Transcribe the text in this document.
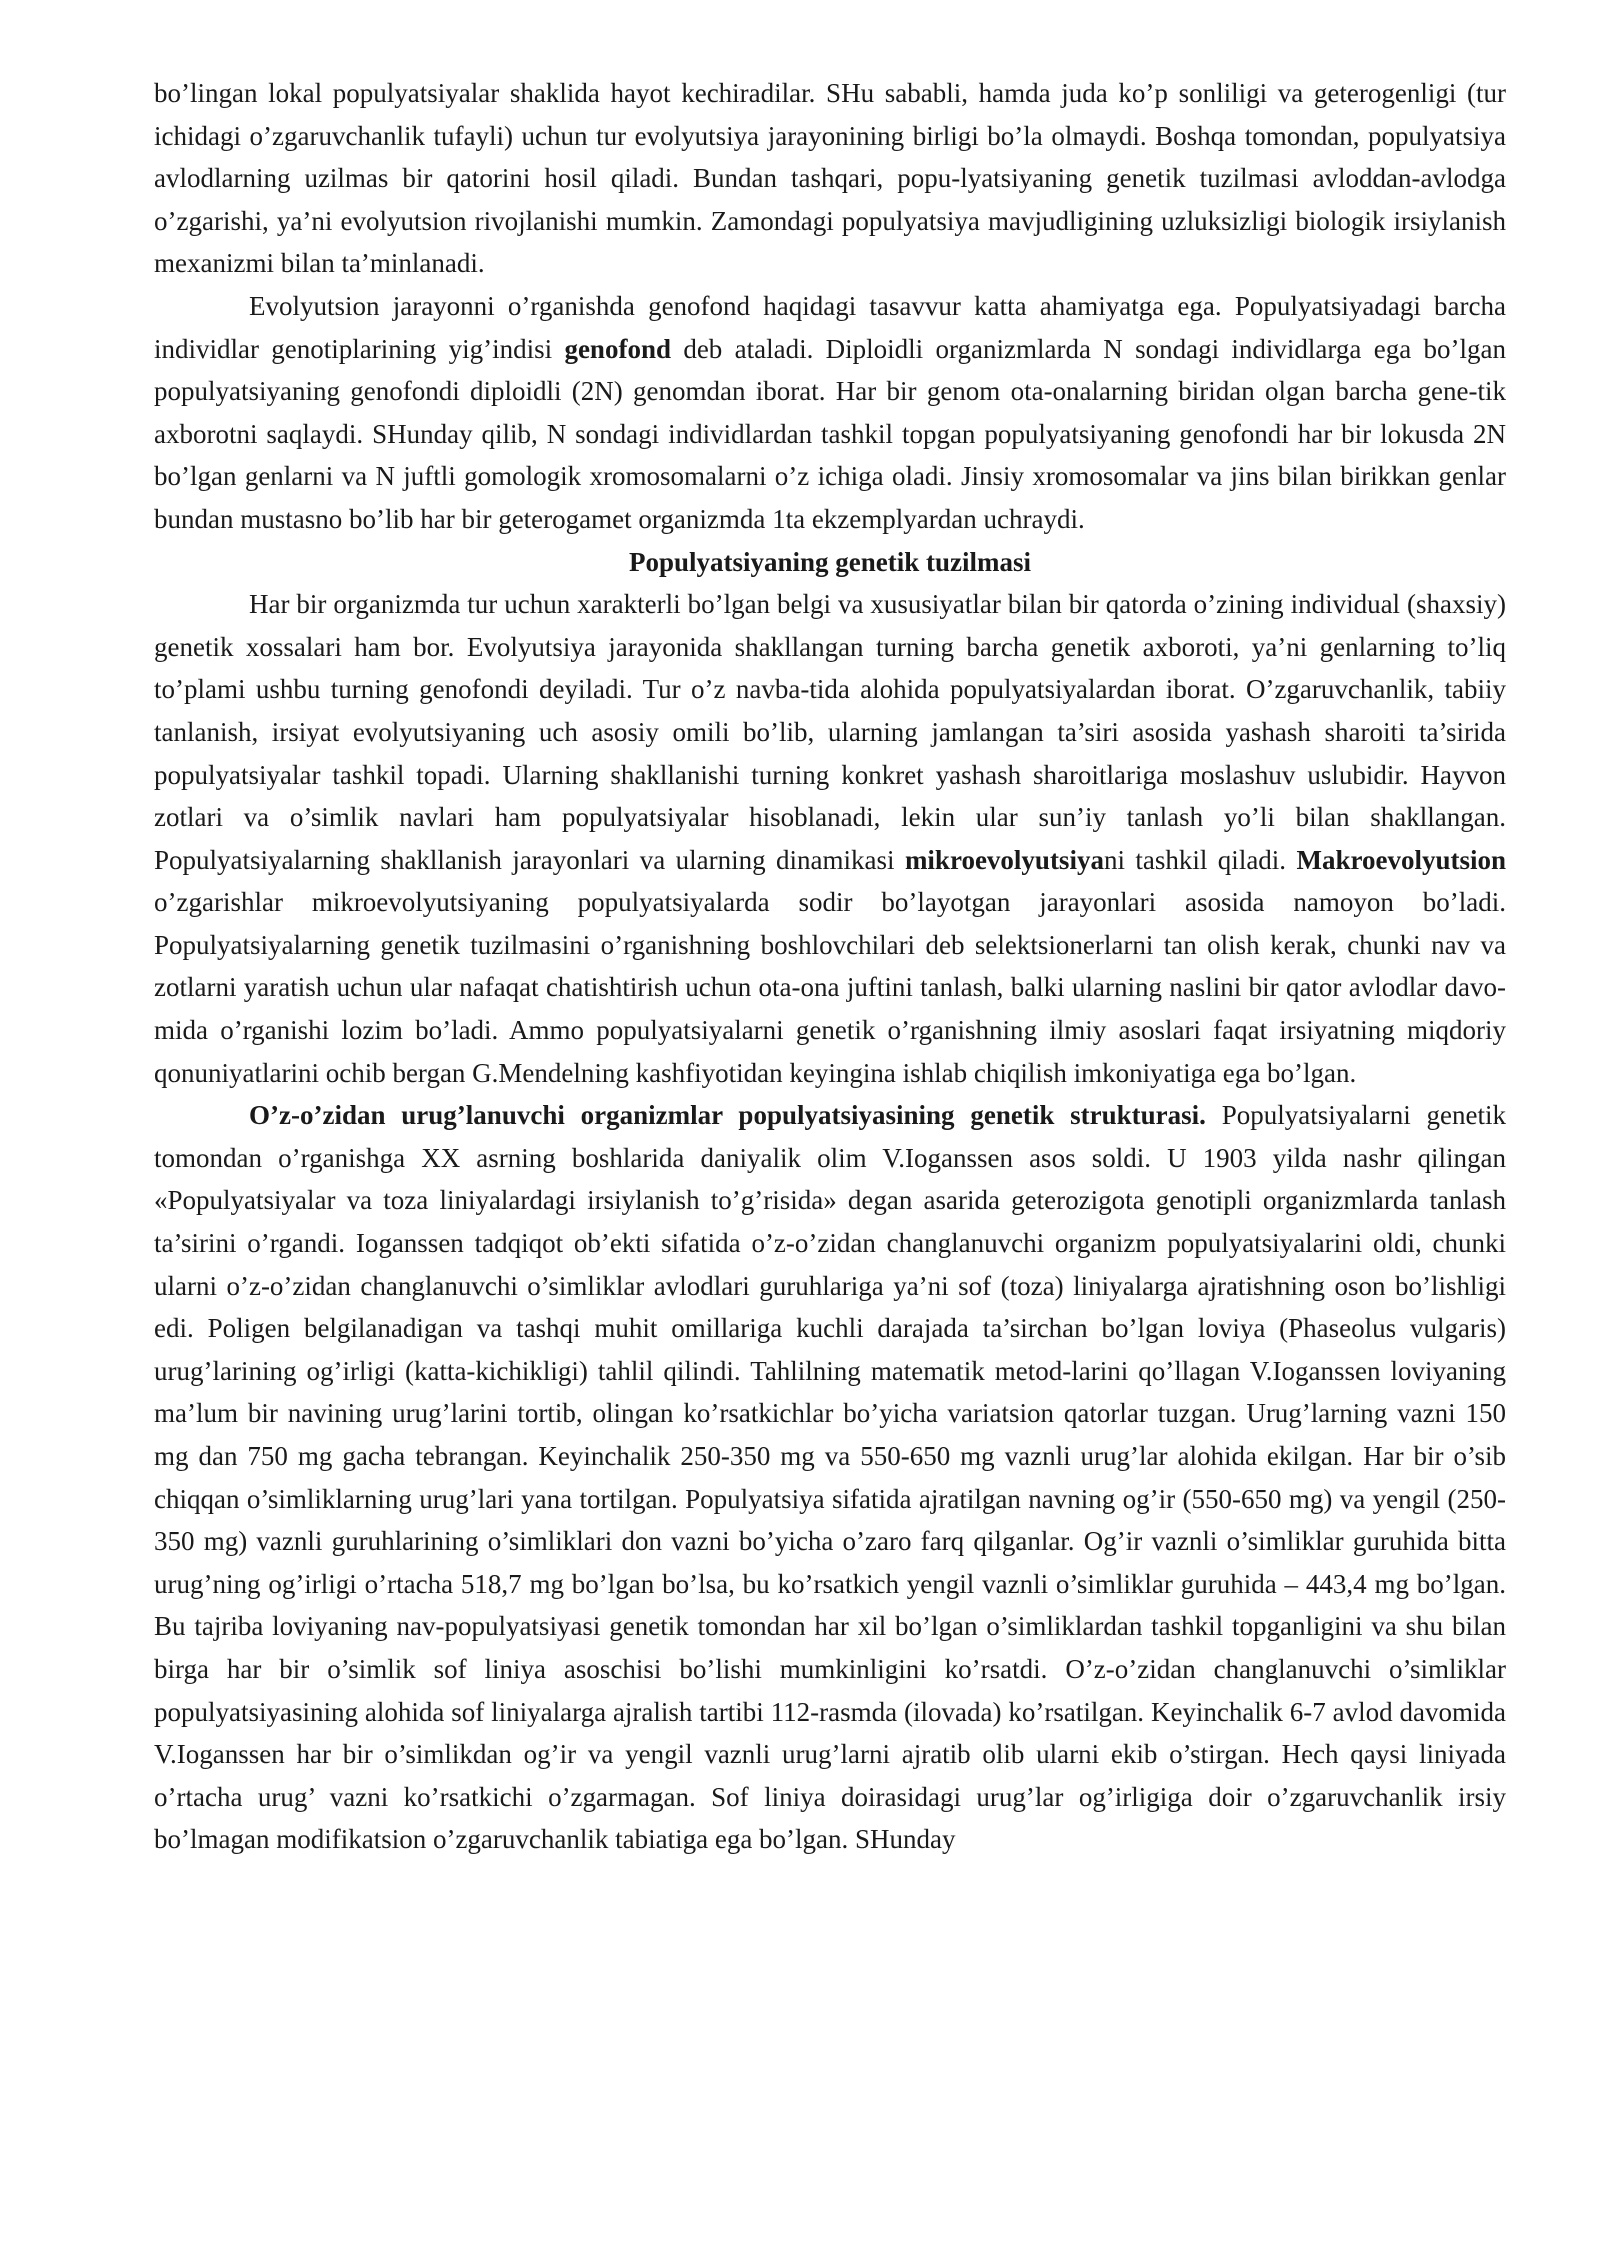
bo’lingan lokal populyatsiyalar shaklida hayot kechiradilar. SHu sababli, hamda juda ko’p sonliligi va geterogenligi (tur ichidagi o’zgaruvchanlik tufayli) uchun tur evolyutsiya jarayonining birligi bo’la olmaydi. Boshqa tomondan, populyatsiya avlodlarning uzilmas bir qatorini hosil qiladi. Bundan tashqari, popu-lyatsiyaning genetik tuzilmasi avloddan-avlodga o’zgarishi, ya’ni evolyutsion rivojlanishi mumkin. Zamondagi populyatsiya mavjudligining uzluksizligi biologik irsiylanish mexanizmi bilan ta’minlanadi.

Evolyutsion jarayonni o’rganishda genofond haqidagi tasavvur katta ahamiyatga ega. Populyatsiyadagi barcha individlar genotiplarining yig’indisi genofond deb ataladi. Diploidli organizmlarda N sondagi individlarga ega bo’lgan populyatsiyaning genofondi diploidli (2N) genomdan iborat. Har bir genom ota-onalarning biridan olgan barcha gene-tik axborotni saqlaydi. SHunday qilib, N sondagi individlardan tashkil topgan populyatsiyaning genofondi har bir lokusda 2N bo’lgan genlarni va N juftli gomologik xromosomalarni o’z ichiga oladi. Jinsiy xromosomalar va jins bilan birikkan genlar bundan mustasno bo’lib har bir geterogamet organizmda 1ta ekzemplyardan uchraydi.

Populyatsiyaning genetik tuzilmasi

Har bir organizmda tur uchun xarakterli bo’lgan belgi va xususiyatlar bilan bir qatorda o’zining individual (shaxsiy) genetik xossalari ham bor. Evolyutsiya jarayonida shakllangan turning barcha genetik axboroti, ya’ni genlarning to’liq to’plami ushbu turning genofondi deyiladi. Tur o’z navba-tida alohida populyatsiyalardan iborat. O’zgaruvchanlik, tabiiy tanlanish, irsiyat evolyutsiyaning uch asosiy omili bo’lib, ularning jamlangan ta’siri asosida yashash sharoiti ta’sirida populyatsiyalar tashkil topadi. Ularning shakllanishi turning konkret yashash sharoitlariga moslashuv uslubidir. Hayvon zotlari va o’simlik navlari ham populyatsiyalar hisoblanadi, lekin ular sun’iy tanlash yo’li bilan shakllangan. Populyatsiyalarning shakllanish jarayonlari va ularning dinamikasi mikroevolyutsiyani tashkil qiladi. Makroevolyutsion o’zgarishlar mikroevolyutsiyaning populyatsiyalarda sodir bo’layotgan jarayonlari asosida namoyon bo’ladi. Populyatsiyalarning genetik tuzilmasini o’rganishning boshlovchilari deb selektsionerlarni tan olish kerak, chunki nav va zotlarni yaratish uchun ular nafaqat chatishtirish uchun ota-ona juftini tanlash, balki ularning naslini bir qator avlodlar davo-mida o’rganishi lozim bo’ladi. Ammo populyatsiyalarni genetik o’rganishning ilmiy asoslari faqat irsiyatning miqdoriy qonuniyatlarini ochib bergan G.Mendelning kashfiyotidan keyingina ishlab chiqilish imkoniyatiga ega bo’lgan.

O’z-o’zidan urug’lanuvchi organizmlar populyatsiyasining genetik strukturasi. Populyatsiyalarni genetik tomondan o’rganishga XX asrning boshlarida daniyalik olim V.Ioganssen asos soldi. U 1903 yilda nashr qilingan «Populyatsiyalar va toza liniyalardagi irsiylanish to’g’risida» degan asarida geterozigota genotipli organizmlarda tanlash ta’sirini o’rgandi. Ioganssen tadqiqot ob’ekti sifatida o’z-o’zidan changlanuvchi organizm populyatsiyalarini oldi, chunki ularni o’z-o’zidan changlanuvchi o’simliklar avlodlari guruhlariga ya’ni sof (toza) liniyalarga ajratishning oson bo’lishligi edi. Poligen belgilanadigan va tashqi muhit omillariga kuchli darajada ta’sirchan bo’lgan loviya (Phaseolus vulgaris) urug’larining og’irligi (katta-kichikligi) tahlil qilindi. Tahlilning matematik metod-larini qo’llagan V.Ioganssen loviyaning ma’lum bir navining urug’larini tortib, olingan ko’rsatkichlar bo’yicha variatsion qatorlar tuzgan. Urug’larning vazni 150 mg dan 750 mg gacha tebrangan. Keyinchalik 250-350 mg va 550-650 mg vaznli urug’lar alohida ekilgan. Har bir o’sib chiqqan o’simliklarning urug’lari yana tortilgan. Populyatsiya sifatida ajratilgan navning og’ir (550-650 mg) va yengil (250-350 mg) vaznli guruhlarining o’simliklari don vazni bo’yicha o’zaro farq qilganlar. Og’ir vaznli o’simliklar guruhida bitta urug’ning og’irligi o’rtacha 518,7 mg bo’lgan bo’lsa, bu ko’rsatkich yengil vaznli o’simliklar guruhida – 443,4 mg bo’lgan. Bu tajriba loviyaning nav-populyatsiyasi genetik tomondan har xil bo’lgan o’simliklardan tashkil topganligini va shu bilan birga har bir o’simlik sof liniya asoschisi bo’lishi mumkinligini ko’rsatdi. O’z-o’zidan changlanuvchi o’simliklar populyatsiyasining alohida sof liniyalarga ajralish tartibi 112-rasmda (ilovada) ko’rsatilgan. Keyinchalik 6-7 avlod davomida V.Ioganssen har bir o’simlikdan og’ir va yengil vaznli urug’larni ajratib olib ularni ekib o’stirgan. Hech qaysi liniyada o’rtacha urug’ vazni ko’rsatkichi o’zgarmagan. Sof liniya doirasidagi urug’lar og’irligiga doir o’zgaruvchanlik irsiy bo’lmagan modifikatsion o’zgaruvchanlik tabiatiga ega bo’lgan. SHunday
